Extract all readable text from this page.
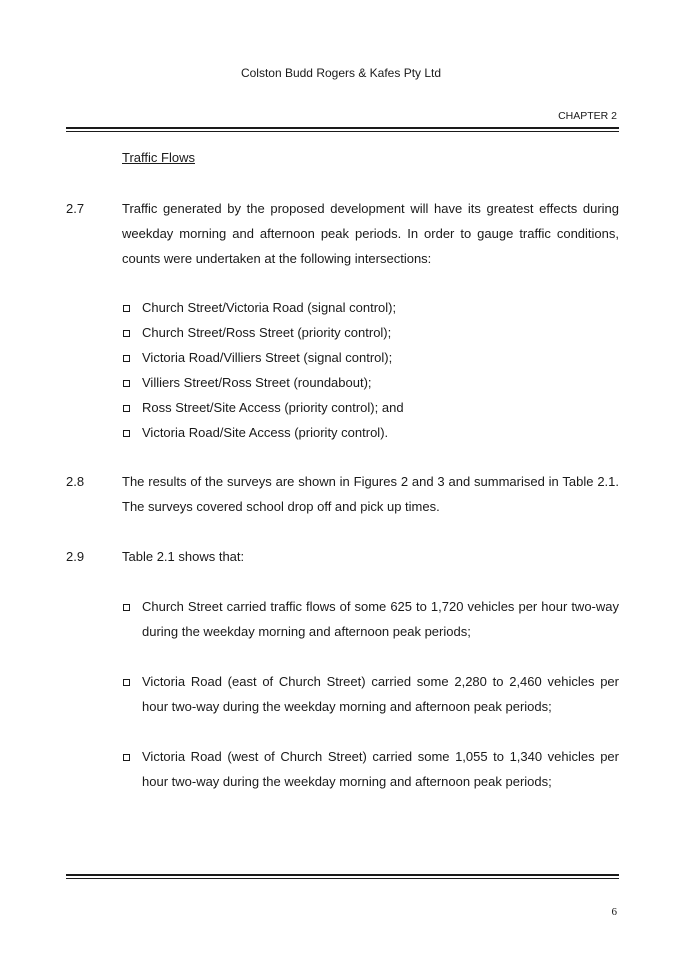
Colston Budd Rogers & Kafes Pty Ltd
CHAPTER 2
Traffic Flows
2.7	Traffic generated by the proposed development will have its greatest effects during weekday morning and afternoon peak periods. In order to gauge traffic conditions, counts were undertaken at the following intersections:
Church Street/Victoria Road (signal control);
Church Street/Ross Street (priority control);
Victoria Road/Villiers Street (signal control);
Villiers Street/Ross Street (roundabout);
Ross Street/Site Access (priority control); and
Victoria Road/Site Access (priority control).
2.8	The results of the surveys are shown in Figures 2 and 3 and summarised in Table 2.1. The surveys covered school drop off and pick up times.
2.9	Table 2.1 shows that:
Church Street carried traffic flows of some 625 to 1,720 vehicles per hour two-way during the weekday morning and afternoon peak periods;
Victoria Road (east of Church Street) carried some 2,280 to 2,460 vehicles per hour two-way during the weekday morning and afternoon peak periods;
Victoria Road (west of Church Street) carried some 1,055 to 1,340 vehicles per hour two-way during the weekday morning and afternoon peak periods;
6
